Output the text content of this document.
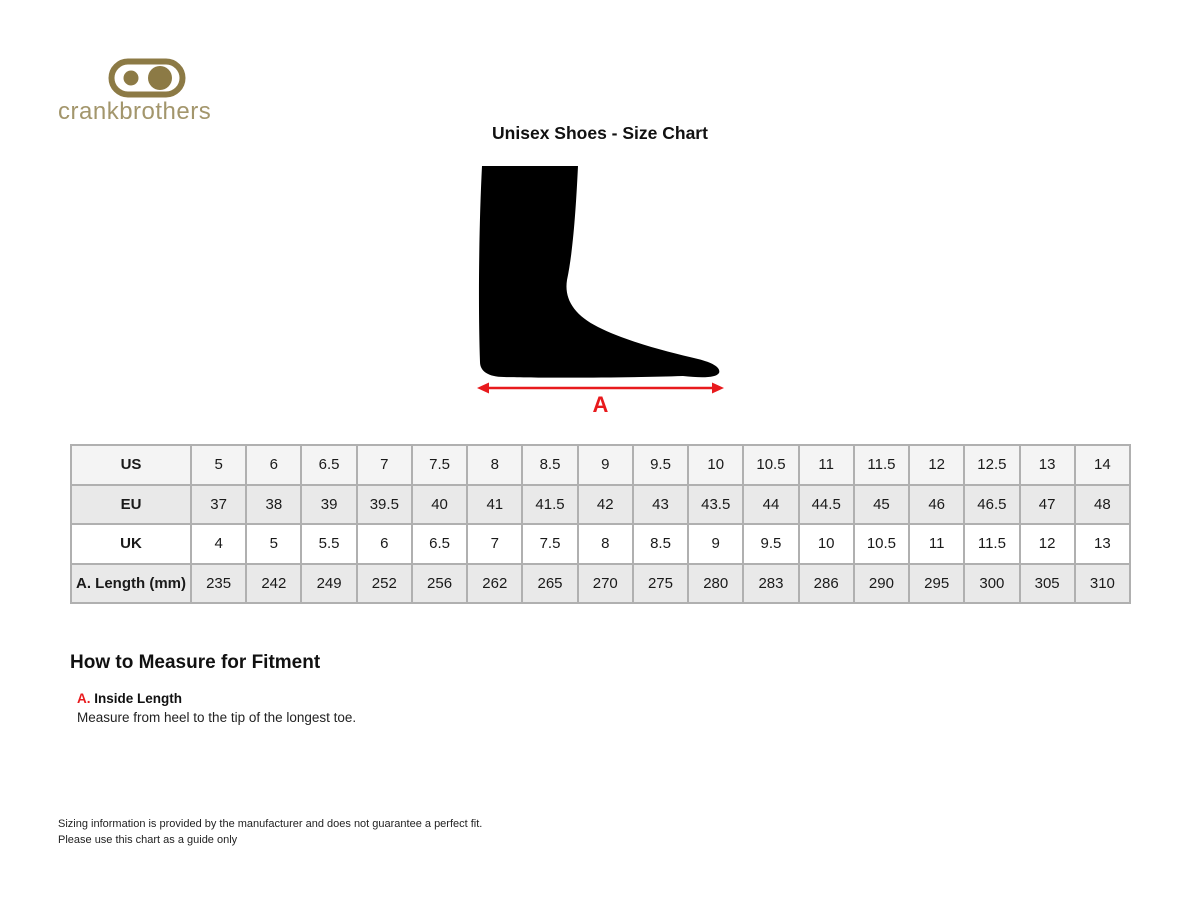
crankbrothers
Unisex Shoes - Size Chart
A
US	5	6	6.5	7	7.5	8	8.5	9	9.5	10	10.5	11	11.5	12	12.5	13	14
EU	37	38	39	39.5	40	41	41.5	42	43	43.5	44	44.5	45	46	46.5	47	48
UK	4	5	5.5	6	6.5	7	7.5	8	8.5	9	9.5	10	10.5	11	11.5	12	13
A. Length (mm)	235	242	249	252	256	262	265	270	275	280	283	286	290	295	300	305	310
How to Measure for Fitment

A. Inside Length

Measure from heel to the tip of the longest toe.

Sizing information is provided by the manufacturer and does not guarantee a perfect fit.
Please use this chart as a guide only
